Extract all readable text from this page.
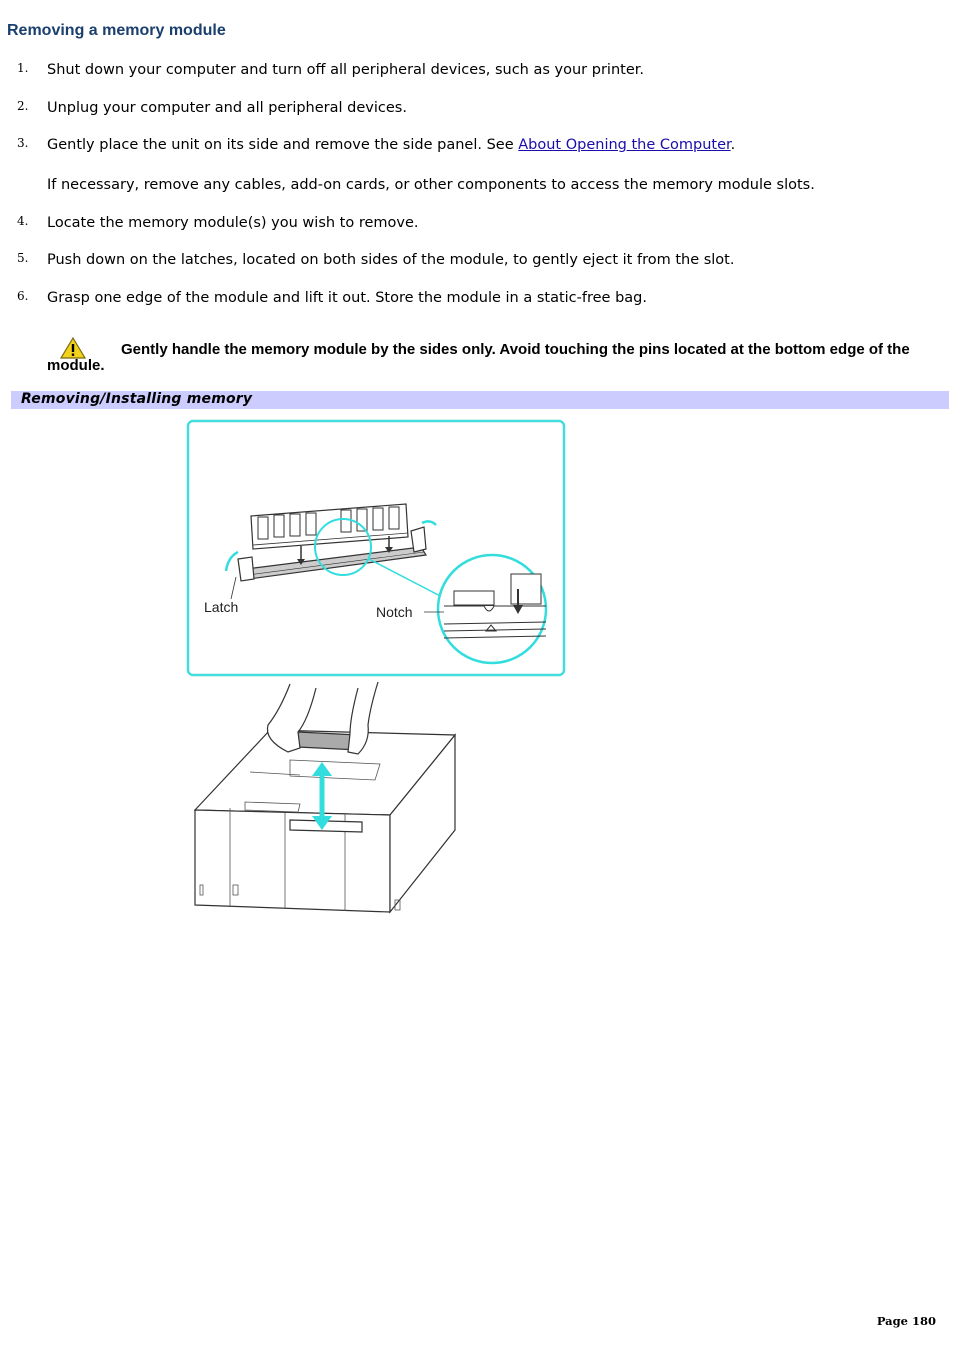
Removing a memory module
1. Shut down your computer and turn off all peripheral devices, such as your printer.
2. Unplug your computer and all peripheral devices.
3. Gently place the unit on its side and remove the side panel. See About Opening the Computer.
If necessary, remove any cables, add-on cards, or other components to access the memory module slots.
4. Locate the memory module(s) you wish to remove.
5. Push down on the latches, located on both sides of the module, to gently eject it from the slot.
6. Grasp one edge of the module and lift it out. Store the module in a static-free bag.
Gently handle the memory module by the sides only. Avoid touching the pins located at the bottom edge of the module.
Removing/Installing memory
Latch	Notch
Page 180
